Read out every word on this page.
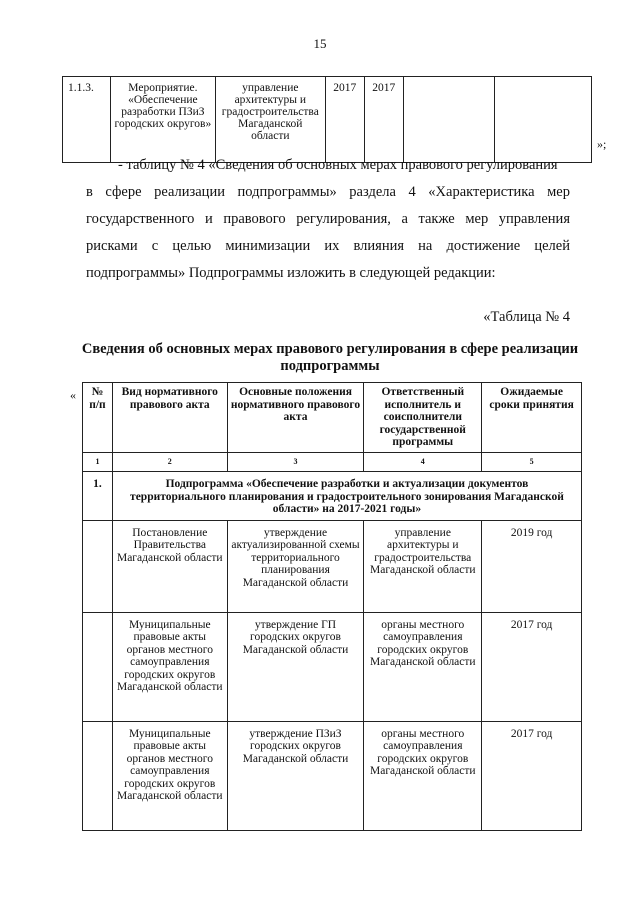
15
1.1.3.	Мероприятие. «Обеспечение разработки ПЗиЗ городских округов»	управление архитектуры и градостроительства Магаданской области	2017	2017		
»;

- таблицу № 4 «Сведения об основных мерах правового регулирования

в сфере реализации подпрограммы» раздела 4 «Характеристика мер государственного и правового регулирования, а также мер управления рисками с целью минимизации их влияния на достижение целей подпрограммы» Подпрограммы изложить в следующей редакции:

«Таблица № 4
Сведения об основных мерах правового регулирования в сфере реализации подпрограммы
« № п/п	Вид нормативного правового акта	Основные положения нормативного правового акта	Ответственный исполнитель и соисполнители государственной программы	Ожидаемые сроки принятия
1	2	3	4	5
1.	Подпрограмма «Обеспечение разработки и актуализации документов территориального планирования и градостроительного зонирования Магаданской области» на 2017-2021 годы»			
	Постановление Правительства Магаданской области	утверждение актуализированной схемы территориального планирования Магаданской области	управление архитектуры и градостроительства Магаданской области	2019 год
	Муниципальные правовые акты органов местного самоуправления городских округов Магаданской области	утверждение ГП городских округов Магаданской области	органы местного самоуправления городских округов Магаданской области	2017 год
	Муниципальные правовые акты органов местного самоуправления городских округов Магаданской области	утверждение ПЗиЗ городских округов Магаданской области	органы местного самоуправления городских округов Магаданской области	2017 год
